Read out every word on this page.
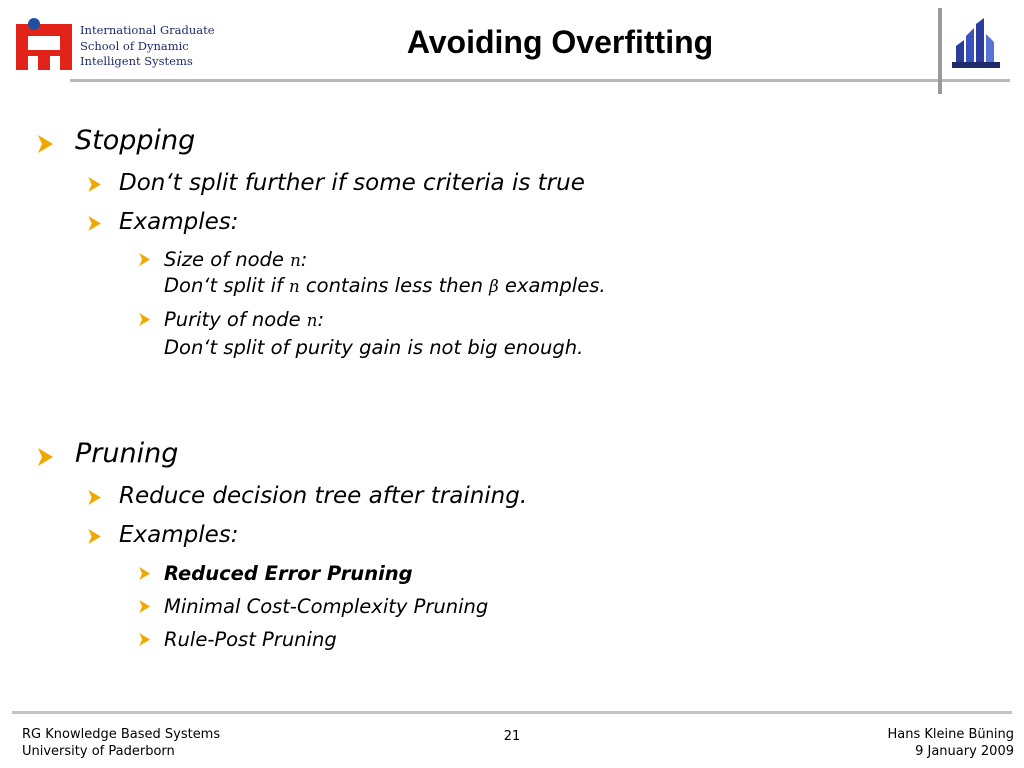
International Graduate
School of Dynamic
Intelligent Systems
Avoiding Overfitting
Stopping
Don‘t split further if some criteria is true
Examples:
Size of node n:
Don‘t split if n contains less then β examples.
Purity of node n:
Don‘t split of purity gain is not big enough.
Pruning
Reduce decision tree after training.
Examples:
Reduced Error Pruning
Minimal Cost-Complexity Pruning
Rule-Post Pruning
RG Knowledge Based Systems
University of Paderborn
21	Hans Kleine Büning
9 January 2009
